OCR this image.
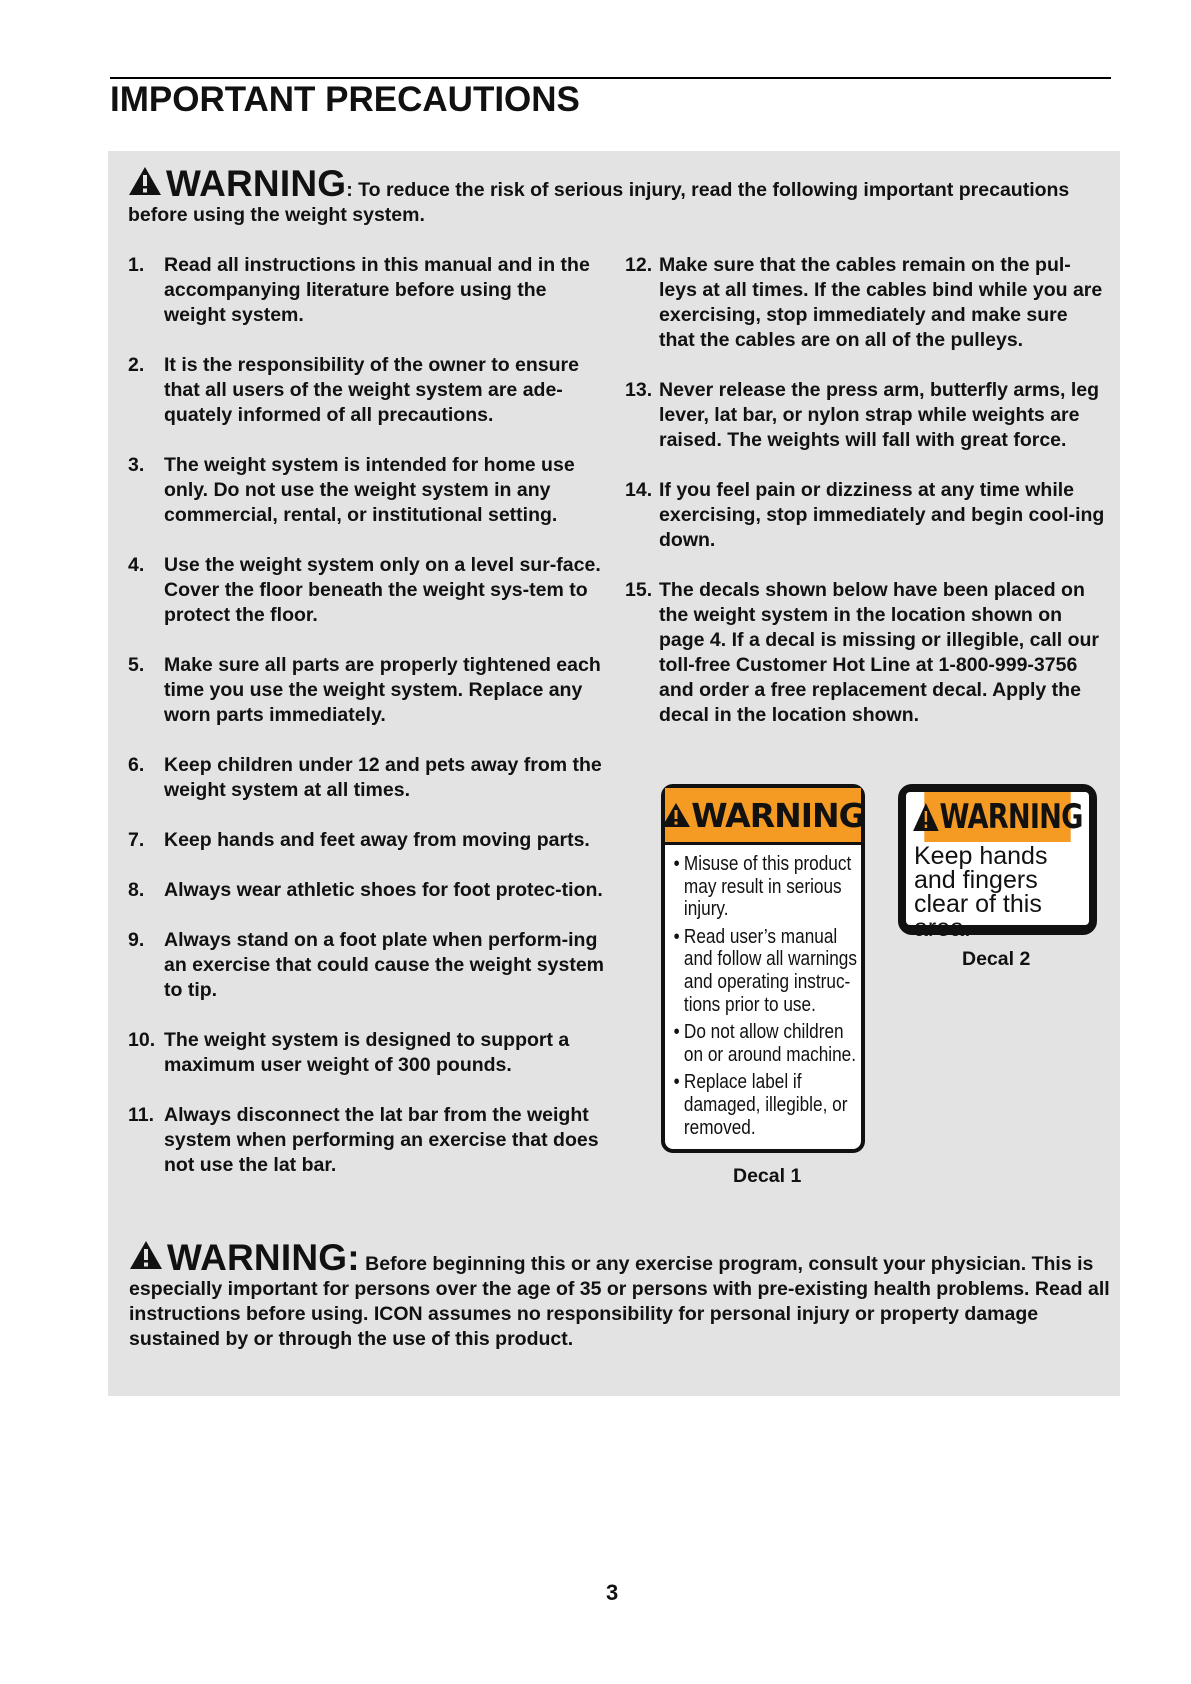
IMPORTANT PRECAUTIONS
WARNING: To reduce the risk of serious injury, read the following important precautions before using the weight system.
1.	Read all instructions in this manual and in the accompanying literature before using the weight system.
2.	It is the responsibility of the owner to ensure that all users of the weight system are ade-quately informed of all precautions.
3.	The weight system is intended for home use only. Do not use the weight system in any commercial, rental, or institutional setting.
4.	Use the weight system only on a level sur-face. Cover the floor beneath the weight sys-tem to protect the floor.
5.	Make sure all parts are properly tightened each time you use the weight system. Replace any worn parts immediately.
6.	Keep children under 12 and pets away from the weight system at all times.
7.	Keep hands and feet away from moving parts.
8.	Always wear athletic shoes for foot protec-tion.
9.	Always stand on a foot plate when perform-ing an exercise that could cause the weight system to tip.
10. The weight system is designed to support a maximum user weight of 300 pounds.
11. Always disconnect the lat bar from the weight system when performing an exercise that does not use the lat bar.
12. Make sure that the cables remain on the pul-leys at all times. If the cables bind while you are exercising, stop immediately and make sure that the cables are on all of the pulleys.
13. Never release the press arm, butterfly arms, leg lever, lat bar, or nylon strap while weights are raised. The weights will fall with great force.
14. If you feel pain or dizziness at any time while exercising, stop immediately and begin cool-ing down.
15. The decals shown below have been placed on the weight system in the location shown on page 4. If a decal is missing or illegible, call our toll-free Customer Hot Line at 1-800-999-3756 and order a free replacement decal. Apply the decal in the location shown.
WARNING
• Misuse of this product may result in serious injury.
• Read user’s manual and follow all warnings and operating instruc-tions prior to use.
• Do not allow children on or around machine.
• Replace label if damaged, illegible, or removed.
Decal 1
WARNING
Keep hands and fingers clear of this area.
Decal 2
WARNING: Before beginning this or any exercise program, consult your physician. This is especially important for persons over the age of 35 or persons with pre-existing health problems. Read all instructions before using. ICON assumes no responsibility for personal injury or property damage sustained by or through the use of this product.
3
